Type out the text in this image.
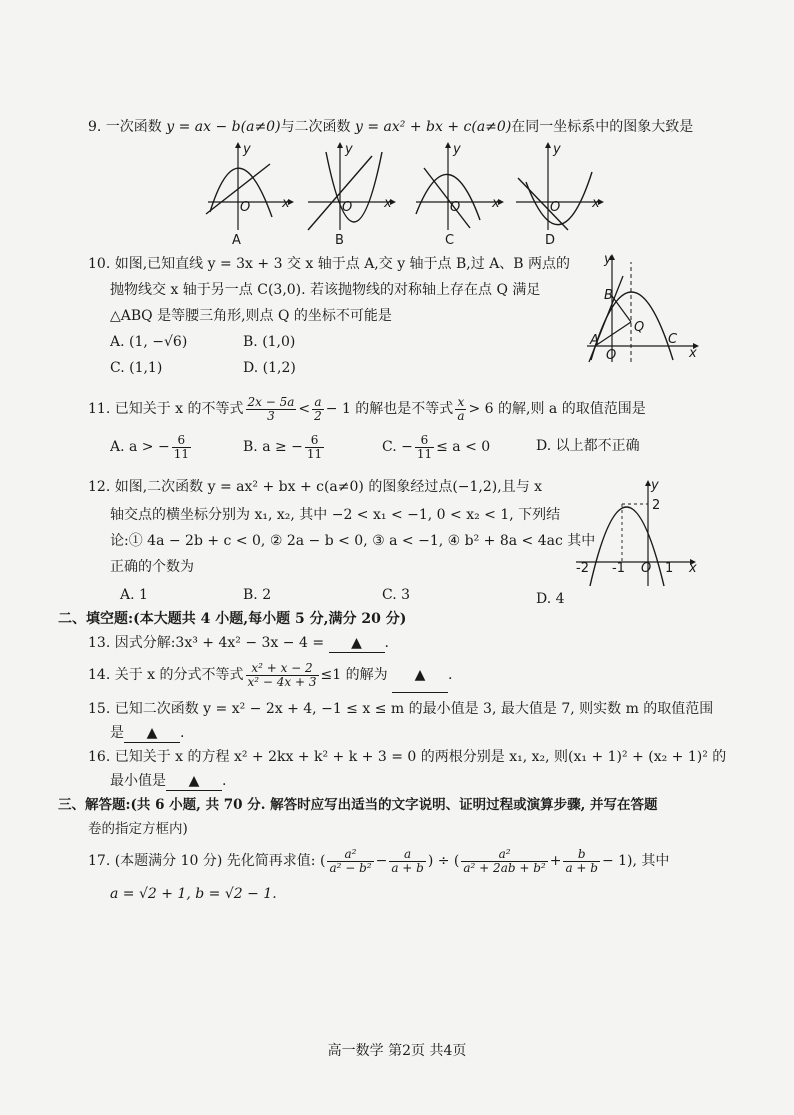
9. 一次函数 y = ax − b(a≠0)与二次函数 y = ax² + bx + c(a≠0)在同一坐标系中的图象大致是
y
x
O
A
y
x
O
B
y
x
O
C
y
x
O
D
10. 如图,已知直线 y = 3x + 3 交 x 轴于点 A,交 y 轴于点 B,过 A、B 两点的
抛物线交 x 轴于另一点 C(3,0). 若该抛物线的对称轴上存在点 Q 满足
△ABQ 是等腰三角形,则点 Q 的坐标不可能是
A. (1, −√6)	B. (1,0)
C. (1,1)	D. (1,2)
y
x
B
Q
A
O
C
11. 已知关于 x 的不等式 $\frac{2x - 5a}{3} < \frac{a}{2} - 1$ 的解也是不等式 $\frac{x}{a} > 6$ 的解,则 a 的取值范围是
A. a > − $\frac{6}{11}$	B. a ≥ − $\frac{6}{11}$	C. − $\frac{6}{11} \le a < 0$	D. 以上都不正确
12. 如图,二次函数 y = ax² + bx + c(a≠0) 的图象经过点(−1,2),且与 x
轴交点的横坐标分别为 x₁, x₂, 其中 −2 < x₁ < −1, 0 < x₂ < 1, 下列结
论:① 4a − 2b + c < 0, ② 2a − b < 0, ③ a < −1, ④ b² + 8a < 4ac 其中
正确的个数为
A. 1	B. 2	C. 3	D. 4
y
2
-2 -1 O 1 x
二、填空题:(本大题共 4 小题,每小题 5 分,满分 20 分)
13. 因式分解:3x³ + 4x² − 3x − 4 = ▲ .
14. 关于 x 的分式不等式 $\frac{\text{x² + x − 2}}{\text{x² − 4x + 3}} \le 1$ 的解为 ▲ .
15. 已知二次函数 y = x² − 2x + 4, −1 ≤ x ≤ m 的最小值是 3, 最大值是 7, 则实数 m 的取值范围
是 ▲ .
16. 已知关于 x 的方程 x² + 2kx + k² + k + 3 = 0 的两根分别是 x₁, x₂, 则(x₁ + 1)² + (x₂ + 1)² 的
最小值是 ▲ .
三、解答题:(共 6 小题, 共 70 分. 解答时应写出适当的文字说明、证明过程或演算步骤, 并写在答题
卷的指定方框内)
17. (本题满分 10 分) 先化简再求值: ( $\frac{\text{a²}}{\text{a² − b²}} - \frac{a}{a + b}$ ) ÷ ( $\frac{\text{a²}}{\text{a² + 2ab + b²}} + \frac{b}{a + b} - 1$), 其中
a = √2 + 1, b = √2 − 1.
高一数学 第2页 共4页
